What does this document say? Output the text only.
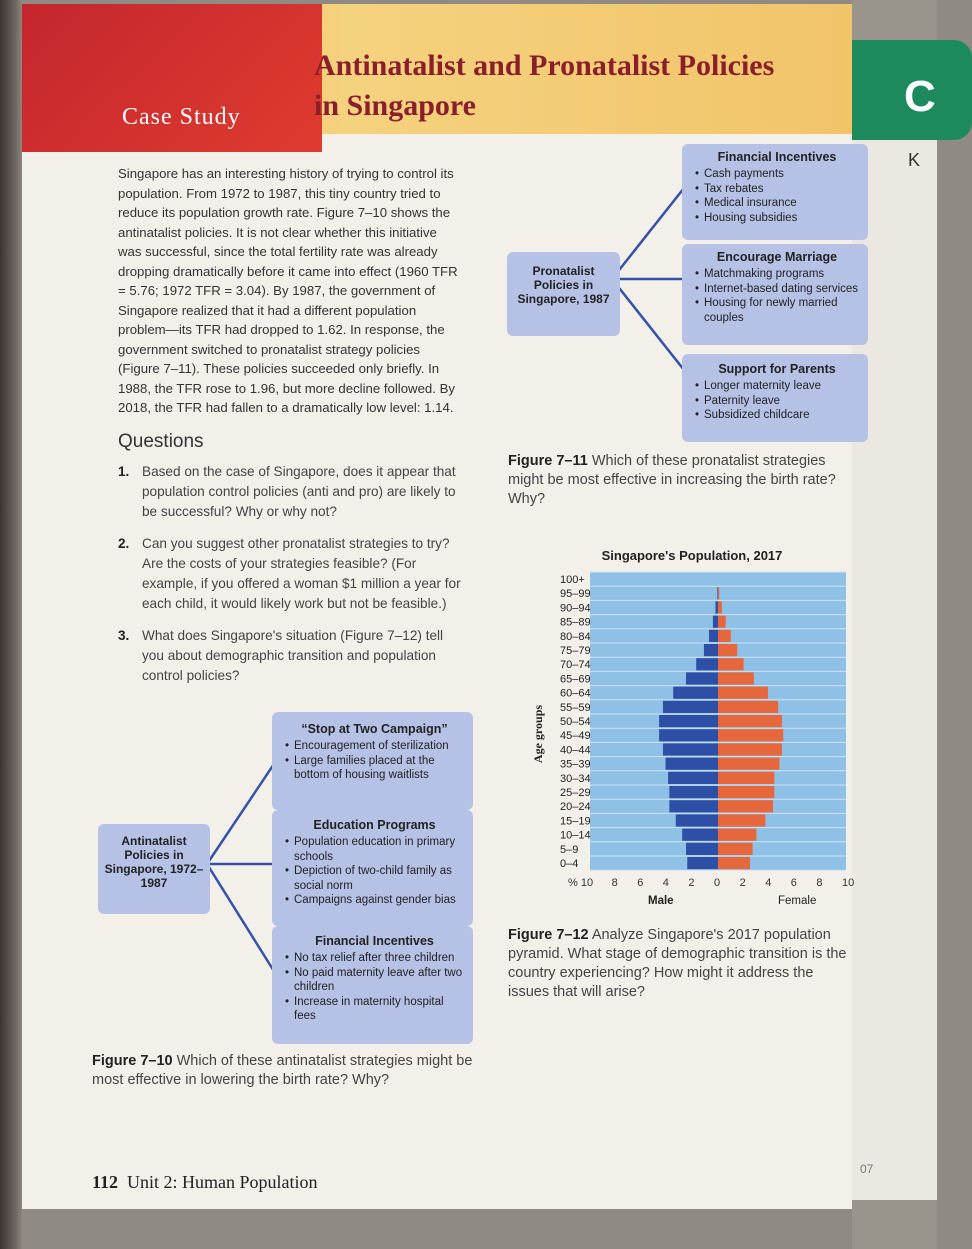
C
K
Case Study
Antinatalist and Pronatalist Policies
in Singapore
Singapore has an interesting history of trying to control its population. From 1972 to 1987, this tiny country tried to reduce its population growth rate. Figure 7–10 shows the antinatalist policies. It is not clear whether this initiative was successful, since the total fertility rate was already dropping dramatically before it came into effect (1960 TFR = 5.76; 1972 TFR = 3.04). By 1987, the government of Singapore realized that it had a different population problem—its TFR had dropped to 1.62. In response, the government switched to pronatalist strategy policies (Figure 7–11). These policies succeeded only briefly. In 1988, the TFR rose to 1.96, but more decline followed. By 2018, the TFR had fallen to a dramatically low level: 1.14.
Questions
1. Based on the case of Singapore, does it appear that population control policies (anti and pro) are likely to be successful? Why or why not?
2. Can you suggest other pronatalist strategies to try? Are the costs of your strategies feasible? (For example, if you offered a woman $1 million a year for each child, it would likely work but not be feasible.)
3. What does Singapore's situation (Figure 7–12) tell you about demographic transition and population control policies?
Pronatalist Policies in Singapore, 1987
Financial Incentives
• Cash payments
• Tax rebates
• Medical insurance
• Housing subsidies
Encourage Marriage
• Matchmaking programs
• Internet-based dating services
• Housing for newly married couples
Support for Parents
• Longer maternity leave
• Paternity leave
• Subsidized childcare
Figure 7–11 Which of these pronatalist strategies might be most effective in increasing the birth rate? Why?
Singapore's Population, 2017
100+
95–99
90–94
85–89
80–84
75–79
70–74
65–69
60–64
55–59
50–54
45–49
40–44
35–39
30–34
25–29
20–24
15–19
10–14
5–9
0–4
% 10 8 6 4 2 0 2 4 6 8 10
Male	Female
Age groups
Figure 7–12 Analyze Singapore's 2017 population pyramid. What stage of demographic transition is the country experiencing? How might it address the issues that will arise?
Antinatalist Policies in Singapore, 1972–1987
“Stop at Two Campaign”
• Encouragement of sterilization
• Large families placed at the bottom of housing waitlists
Education Programs
• Population education in primary schools
• Depiction of two-child family as social norm
• Campaigns against gender bias
Financial Incentives
• No tax relief after three children
• No paid maternity leave after two children
• Increase in maternity hospital fees
Figure 7–10 Which of these antinatalist strategies might be most effective in lowering the birth rate? Why?
112 Unit 2: Human Population
07
